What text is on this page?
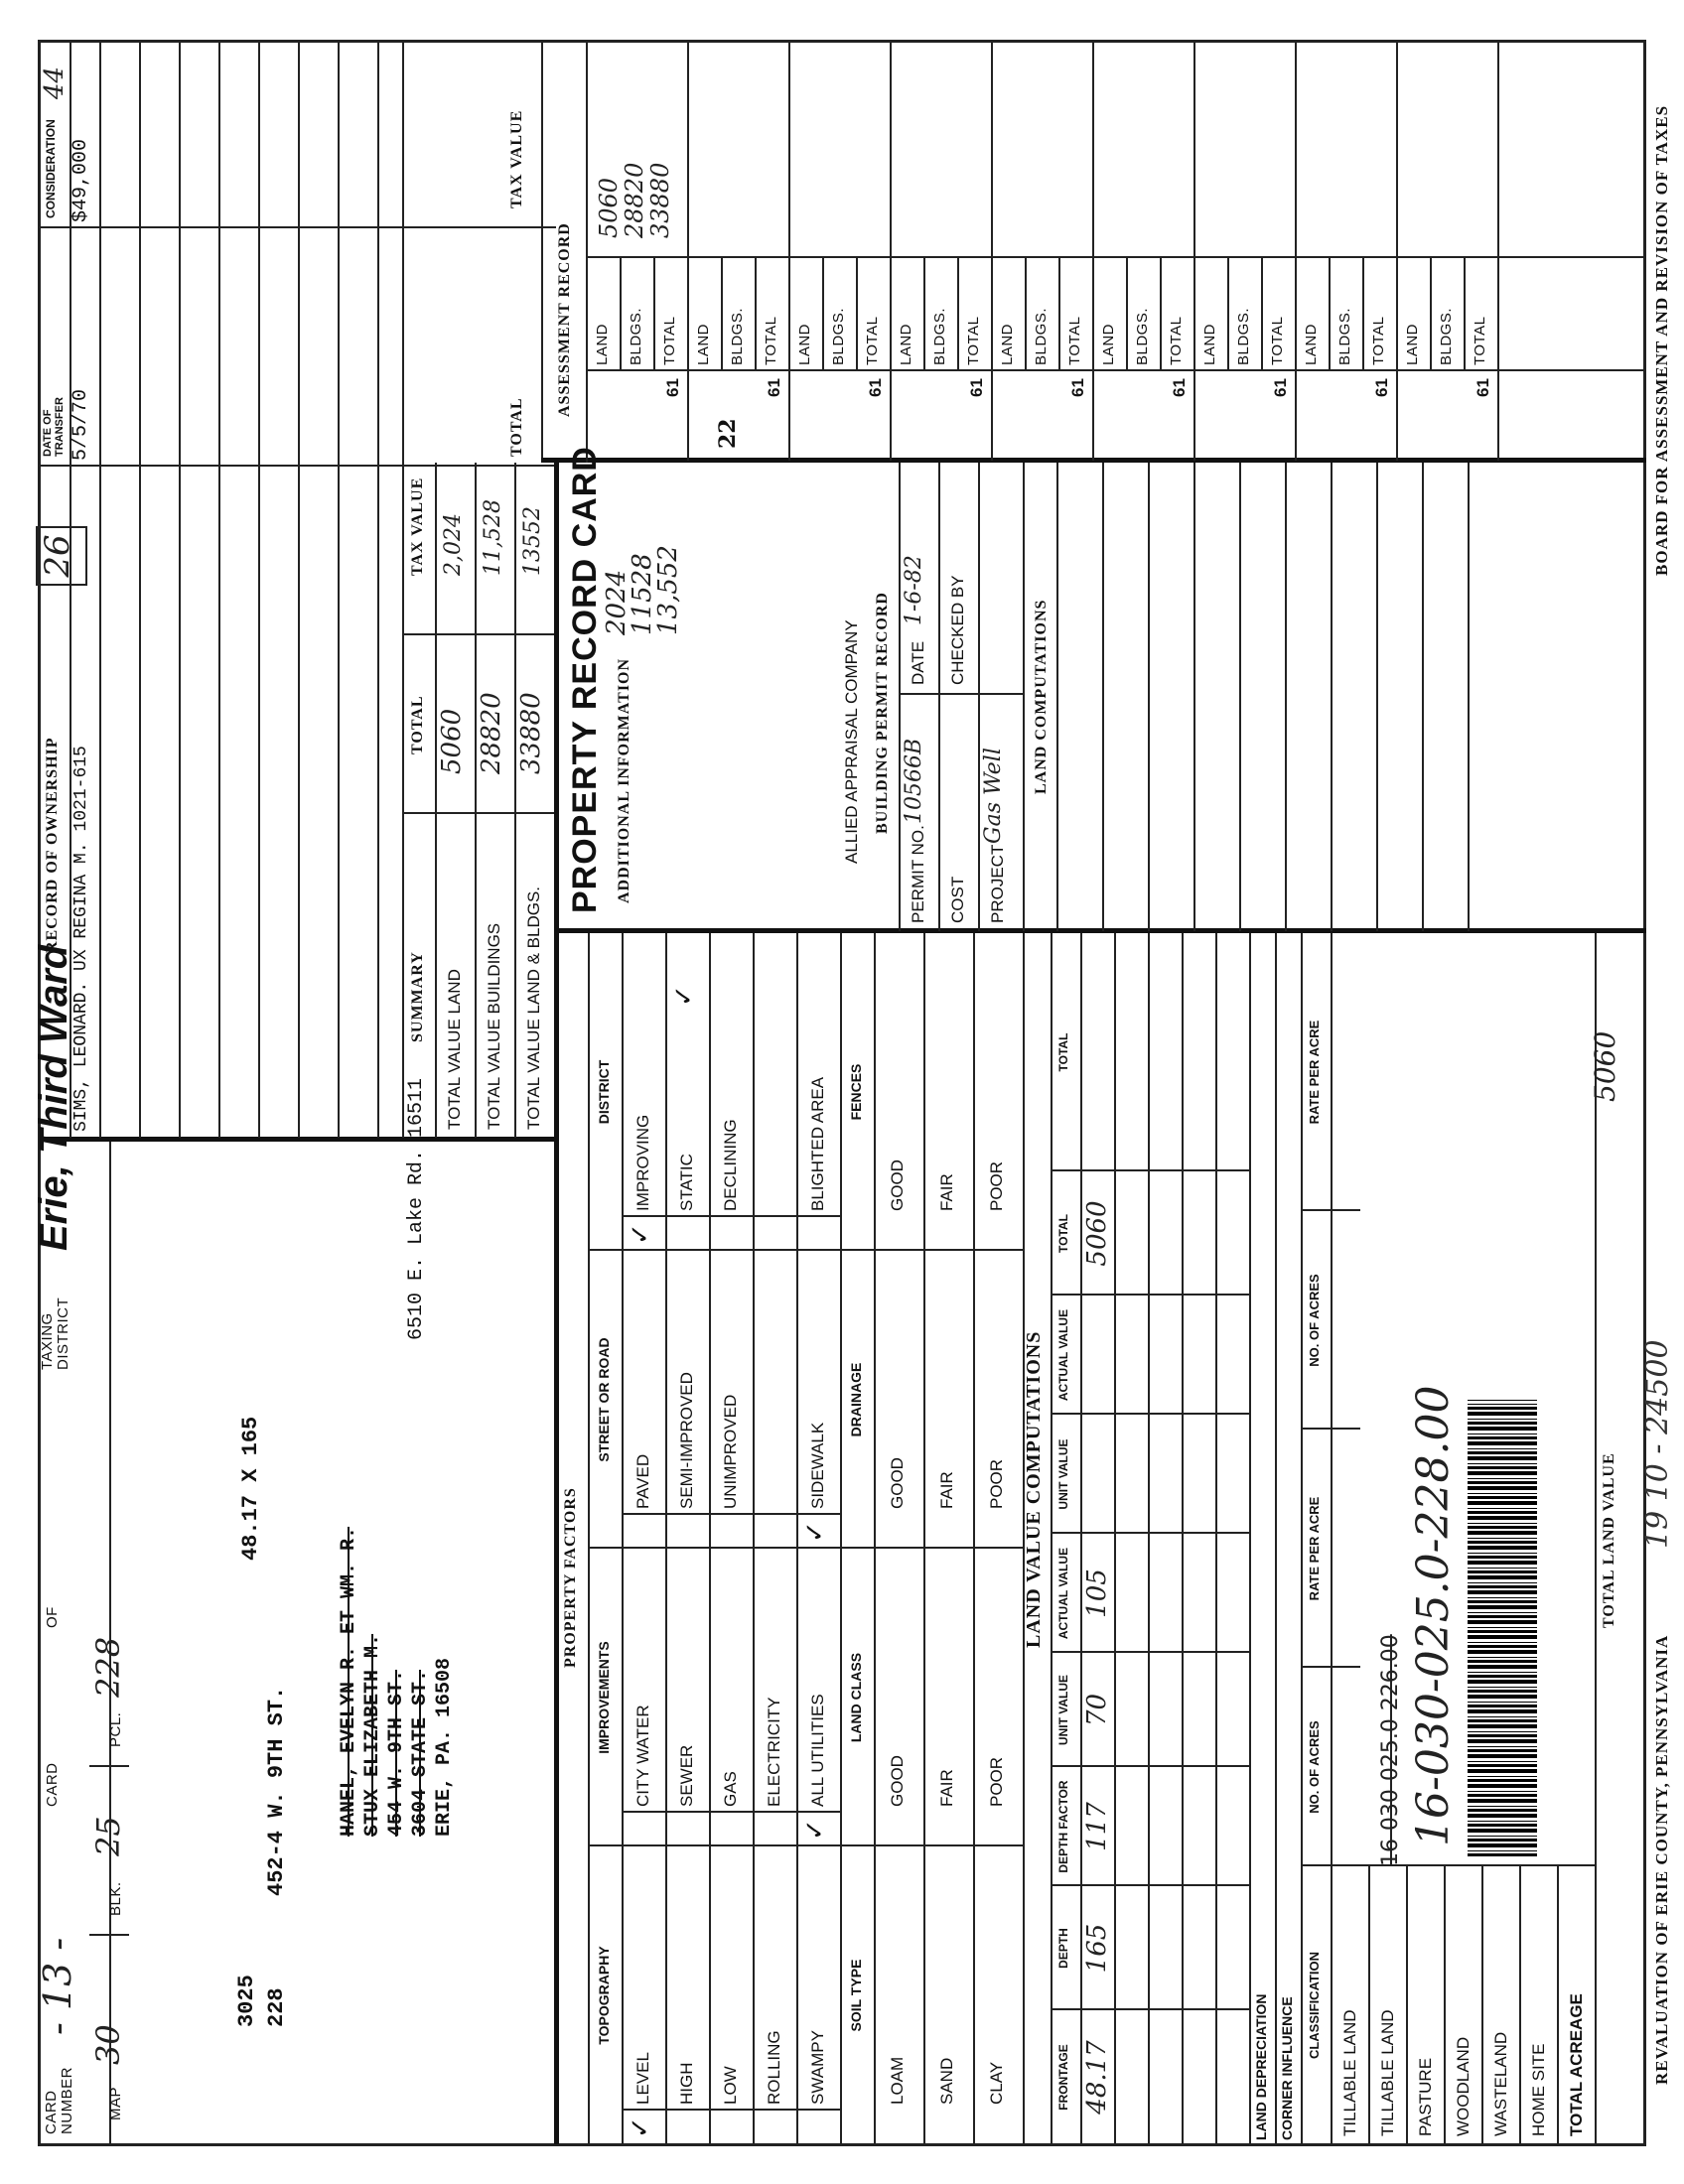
CARD NUMBER
- 13 -
CARD
OF
TAXING DISTRICT
Erie, Third Ward
26
44
MAP
30
BLK.
25
PCL.
228
3025 228
452-4 W. 9TH ST.
48.17 X 165
HANEL, EVELYN R. ET WM. R. STUX ELIZABETH M. 454 W. 9TH ST. 3604 STATE ST. ERIE, PA. 16508
6510 E. Lake Rd. 16511
RECORD OF OWNERSHIP SIMS, LEONARD. UX REGINA M. 1021-615
DATE OF TRANSFER
CONSIDERATION
5/5/70
$49,000
SUMMARY
TOTAL
TAX VALUE
TOTAL VALUE LAND
5060
2,024
TOTAL VALUE BUILDINGS
28820
11,528
TOTAL VALUE LAND & BLDGS.
33880
13552
TOTAL
TAX VALUE
ASSESSMENT RECORD LAND BLDGS. TOTAL
61
LAND BLDGS. TOTAL
61
LAND BLDGS. TOTAL
61
LAND BLDGS. TOTAL
61
LAND BLDGS. TOTAL
61
LAND BLDGS. TOTAL
61
LAND BLDGS. TOTAL
61
LAND BLDGS. TOTAL
61
LAND BLDGS. TOTAL
61
5060
28820
33880
22
PROPERTY RECORD CARD ADDITIONAL INFORMATION
2024
11528
13,552
ALLIED APPRAISAL COMPANY BUILDING PERMIT RECORD
PERMIT NO.
10566B
DATE
1-6-82
COST
CHECKED BY
PROJECT
Gas Well
LAND COMPUTATIONS
PROPERTY FACTORS
TOPOGRAPHY
IMPROVEMENTS
STREET OR ROAD
DISTRICT
LEVEL
CITY WATER
PAVED
IMPROVING
HIGH
SEWER
SEMI-IMPROVED
STATIC
LOW
GAS
UNIMPROVED
DECLINING
ROLLING
ELECTRICITY
SWAMPY
ALL UTILITIES
SIDEWALK
BLIGHTED AREA
✓
✓
✓
✓
✓
SOIL TYPE
LAND CLASS
DRAINAGE
FENCES
LOAM
GOOD
GOOD
GOOD
SAND
FAIR
FAIR
FAIR
CLAY
POOR
POOR
POOR
LAND VALUE COMPUTATIONS
FRONTAGE
DEPTH
DEPTH FACTOR
UNIT VALUE
ACTUAL VALUE
UNIT VALUE
ACTUAL VALUE
TOTAL
TOTAL
48.17
165
117
70
105
5060
LAND DEPRECIATION CORNER INFLUENCE CLASSIFICATION
NO. OF ACRES
RATE PER ACRE
NO. OF ACRES
RATE PER ACRE
TILLABLE LAND TILLABLE LAND PASTURE WOODLAND WASTELAND HOME SITE TOTAL ACREAGE
16-030-025.0-226.00 16-030-025.0-228.00	TOTAL LAND VALUE
5060
REVALUATION OF ERIE COUNTY, PENNSYLVANIA
19 10 - 24500
BOARD FOR ASSESSMENT AND REVISION OF TAXES
